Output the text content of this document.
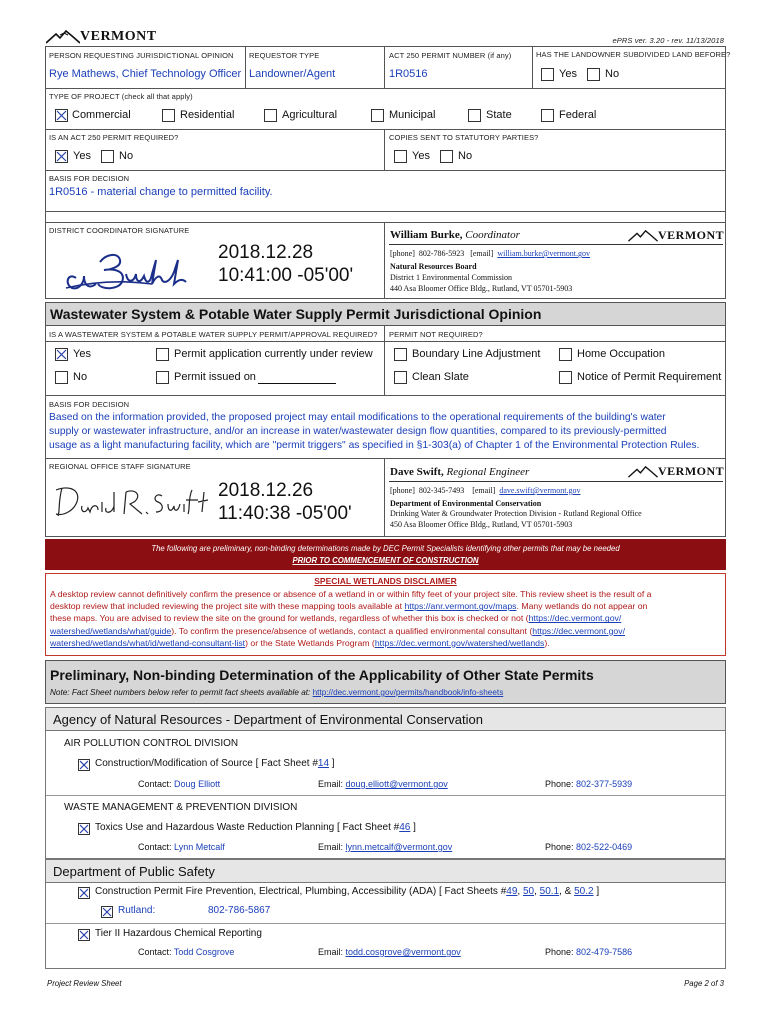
VERMONT	ePRS ver. 3.20 - rev. 11/13/2018
PERSON REQUESTING JURISDICTIONAL OPINION
Rye Mathews, Chief Technology Officer
REQUESTOR TYPE
Landowner/Agent
ACT 250 PERMIT NUMBER (if any)
1R0516
HAS THE LANDOWNER SUBDIVIDED LAND BEFORE?
Yes	No
TYPE OF PROJECT (check all that apply)
Commercial	Residential	Agricultural	Municipal	State	Federal
IS AN ACT 250 PERMIT REQUIRED?
Yes	No
COPIES SENT TO STATUTORY PARTIES?
Yes	No
BASIS FOR DECISION
1R0516 - material change to permitted facility.
DISTRICT COORDINATOR SIGNATURE
2018.12.28
10:41:00 -05'00'
William Burke, Coordinator	VERMONT
[phone] 802-786-5923 [email] william.burke@vermont.gov
Natural Resources Board
District 1 Environmental Commission
440 Asa Bloomer Office Bldg., Rutland, VT 05701-5903
Wastewater System & Potable Water Supply Permit Jurisdictional Opinion
IS A WASTEWATER SYSTEM & POTABLE WATER SUPPLY PERMIT/APPROVAL REQUIRED? PERMIT NOT REQUIRED?
Yes
No
Permit application currently under review
Permit issued on
Boundary Line Adjustment	Home Occupation
Clean Slate	Notice of Permit Requirement
BASIS FOR DECISION
Based on the information provided, the proposed project may entail modifications to the operational requirements of the building's water
supply or wastewater infrastructure, and/or an increase in water/wastewater design flow quantities, compared to its previously-permitted
usage as a light manufacturing facility, which are "permit triggers" as specified in §1-303(a) of Chapter 1 of the Environmental Protection Rules.
REGIONAL OFFICE STAFF SIGNATURE
2018.12.26
11:40:38 -05'00'
Dave Swift, Regional Engineer	VERMONT
[phone] 802-345-7493 [email] dave.swift@vermont.gov
Department of Environmental Conservation
Drinking Water & Groundwater Protection Division - Rutland Regional Office
450 Asa Bloomer Office Bldg., Rutland, VT 05701-5903
The following are preliminary, non-binding determinations made by DEC Permit Specialists identifying other permits that may be needed
PRIOR TO COMMENCEMENT OF CONSTRUCTION
SPECIAL WETLANDS DISCLAIMER
A desktop review cannot definitively confirm the presence or absence of a wetland in or within fifty feet of your project site. This review sheet is the result of a
desktop review that included reviewing the project site with these mapping tools available at https://anr.vermont.gov/maps. Many wetlands do not appear on
these maps. You are advised to review the site on the ground for wetlands, regardless of whether this box is checked or not (https://dec.vermont.gov/
watershed/wetlands/what/guide). To confirm the presence/absence of wetlands, contact a qualified environmental consultant (https://dec.vermont.gov/
watershed/wetlands/what/id/wetland-consultant-list) or the State Wetlands Program (https://dec.vermont.gov/watershed/wetlands).
Preliminary, Non-binding Determination of the Applicability of Other State Permits
Note: Fact Sheet numbers below refer to permit fact sheets available at: http://dec.vermont.gov/permits/handbook/info-sheets
Agency of Natural Resources - Department of Environmental Conservation
AIR POLLUTION CONTROL DIVISION
Construction/Modification of Source [ Fact Sheet #14 ]
Contact: Doug Elliott	Email: doug.elliott@vermont.gov	Phone: 802-377-5939
WASTE MANAGEMENT & PREVENTION DIVISION
Toxics Use and Hazardous Waste Reduction Planning [ Fact Sheet #46 ]
Contact: Lynn Metcalf	Email: lynn.metcalf@vermont.gov	Phone: 802-522-0469
Department of Public Safety
Construction Permit Fire Prevention, Electrical, Plumbing, Accessibility (ADA) [ Fact Sheets #49, 50, 50.1, & 50.2 ]
Rutland:	802-786-5867
Tier II Hazardous Chemical Reporting
Contact: Todd Cosgrove	Email: todd.cosgrove@vermont.gov	Phone: 802-479-7586
Project Review Sheet	Page 2 of 3
